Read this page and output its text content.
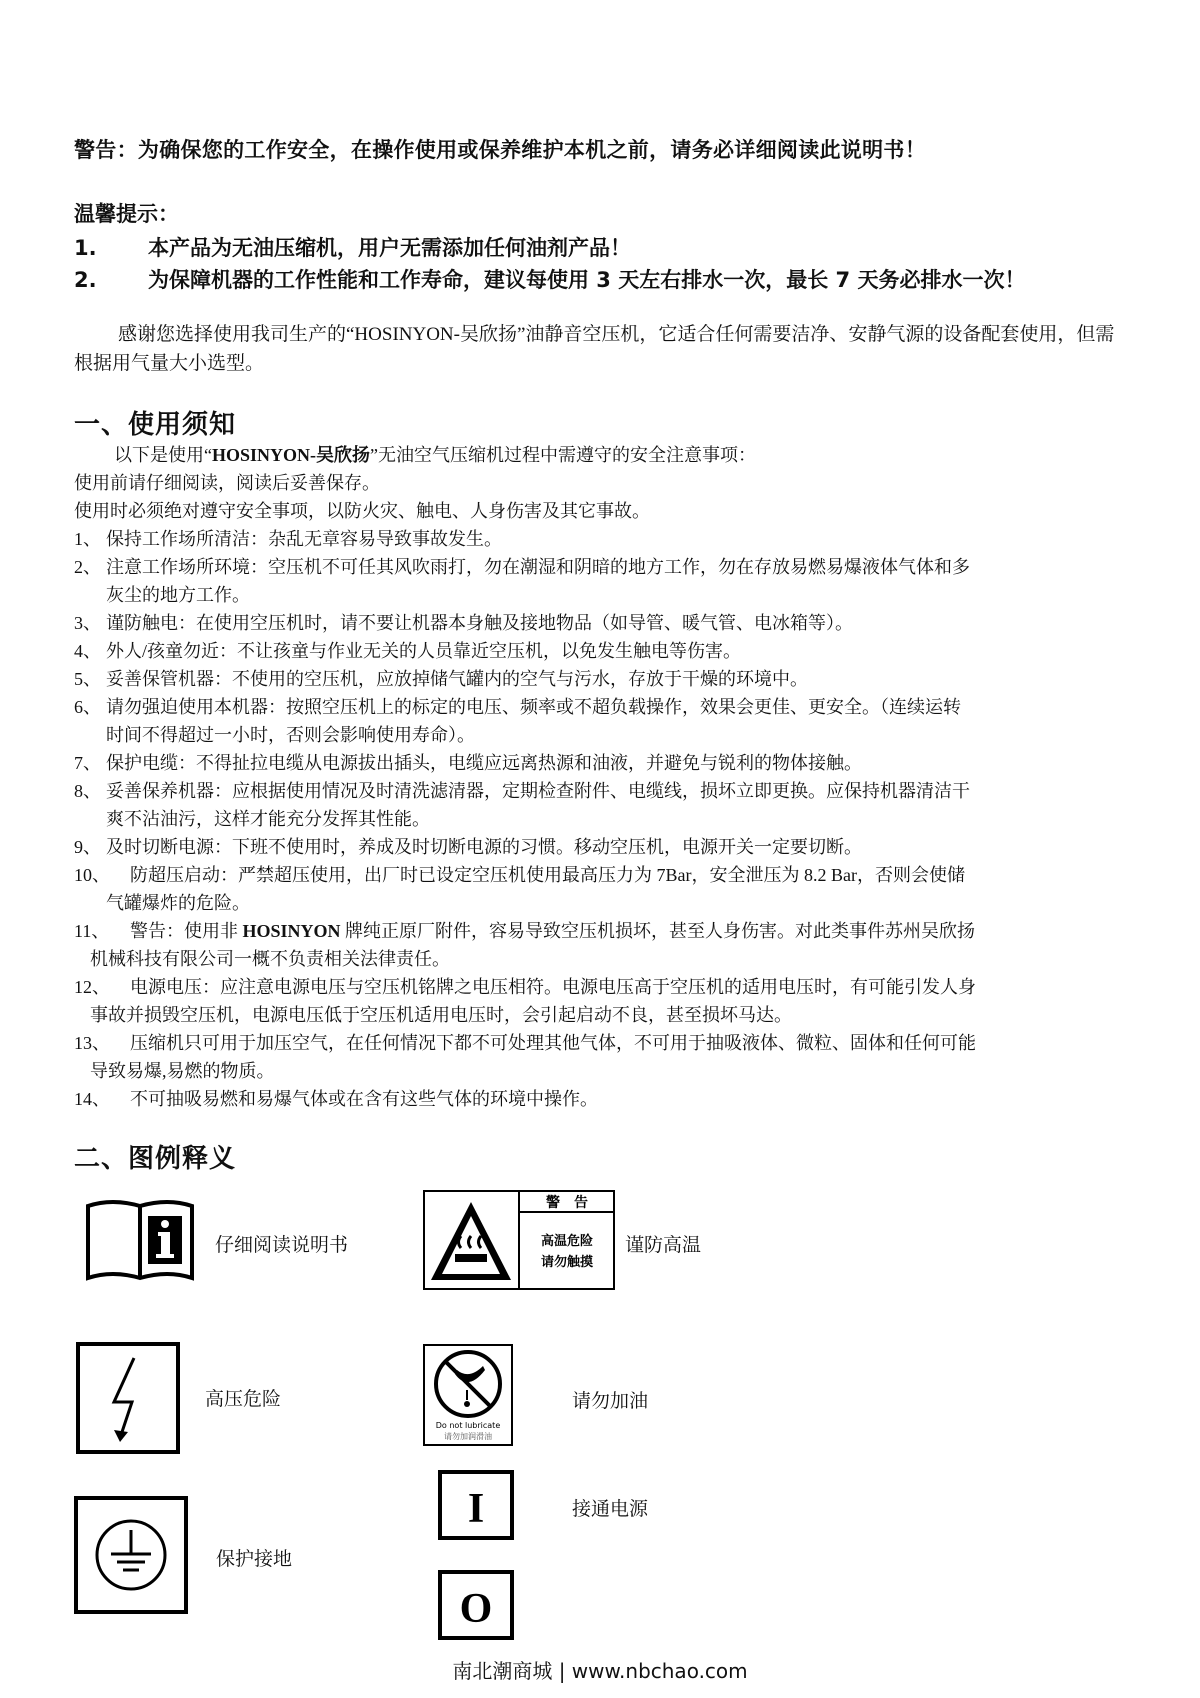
警告：为确保您的工作安全，在操作使用或保养维护本机之前，请务必详细阅读此说明书！
温馨提示：
1. 本产品为无油压缩机，用户无需添加任何油剂产品！
2. 为保障机器的工作性能和工作寿命，建议每使用 3 天左右排水一次，最长 7 天务必排水一次！
感谢您选择使用我司生产的“HOSINYON-吴欣扬”油静音空压机，它适合任何需要洁净、安静气源的设备配套使用，但需根据用气量大小选型。
一、使用须知
以下是使用“HOSINYON-吴欣扬”无油空气压缩机过程中需遵守的安全注意事项：
使用前请仔细阅读，阅读后妥善保存。
使用时必须绝对遵守安全事项，以防火灾、触电、人身伤害及其它事故。
1、 保持工作场所清洁：杂乱无章容易导致事故发生。
2、 注意工作场所环境：空压机不可任其风吹雨打，勿在潮湿和阴暗的地方工作，勿在存放易燃易爆液体气体和多
灰尘的地方工作。
3、 谨防触电：在使用空压机时，请不要让机器本身触及接地物品（如导管、暖气管、电冰箱等）。
4、 外人/孩童勿近：不让孩童与作业无关的人员靠近空压机，以免发生触电等伤害。
5、 妥善保管机器：不使用的空压机，应放掉储气罐内的空气与污水，存放于干燥的环境中。
6、 请勿强迫使用本机器：按照空压机上的标定的电压、频率或不超负载操作，效果会更佳、更安全。（连续运转
时间不得超过一小时，否则会影响使用寿命）。
7、 保护电缆：不得扯拉电缆从电源拔出插头，电缆应远离热源和油液，并避免与锐利的物体接触。
8、 妥善保养机器：应根据使用情况及时清洗滤清器，定期检查附件、电缆线，损坏立即更换。应保持机器清洁干
爽不沾油污，这样才能充分发挥其性能。
9、 及时切断电源：下班不使用时，养成及时切断电源的习惯。移动空压机，电源开关一定要切断。
10、	防超压启动：严禁超压使用，出厂时已设定空压机使用最高压力为 7Bar，安全泄压为 8.2 Bar，否则会使储
气罐爆炸的危险。
11、	警告：使用非 HOSINYON 牌纯正原厂附件，容易导致空压机损坏，甚至人身伤害。对此类事件苏州吴欣扬
机械科技有限公司一概不负责相关法律责任。
12、	电源电压：应注意电源电压与空压机铭牌之电压相符。电源电压高于空压机的适用电压时，有可能引发人身
事故并损毁空压机，电源电压低于空压机适用电压时，会引起启动不良，甚至损坏马达。
13、	压缩机只可用于加压空气，在任何情况下都不可处理其他气体，不可用于抽吸液体、微粒、固体和任何可能
导致易爆,易燃的物质。
14、	不可抽吸易燃和易爆气体或在含有这些气体的环境中操作。
二、图例释义
仔细阅读说明书
警　告
高温危险
请勿触摸
谨防高温
高压危险
Do not lubricate
请勿加润滑油
请勿加油
I	接通电源
保护接地
O
南北潮商城 | www.nbchao.com
